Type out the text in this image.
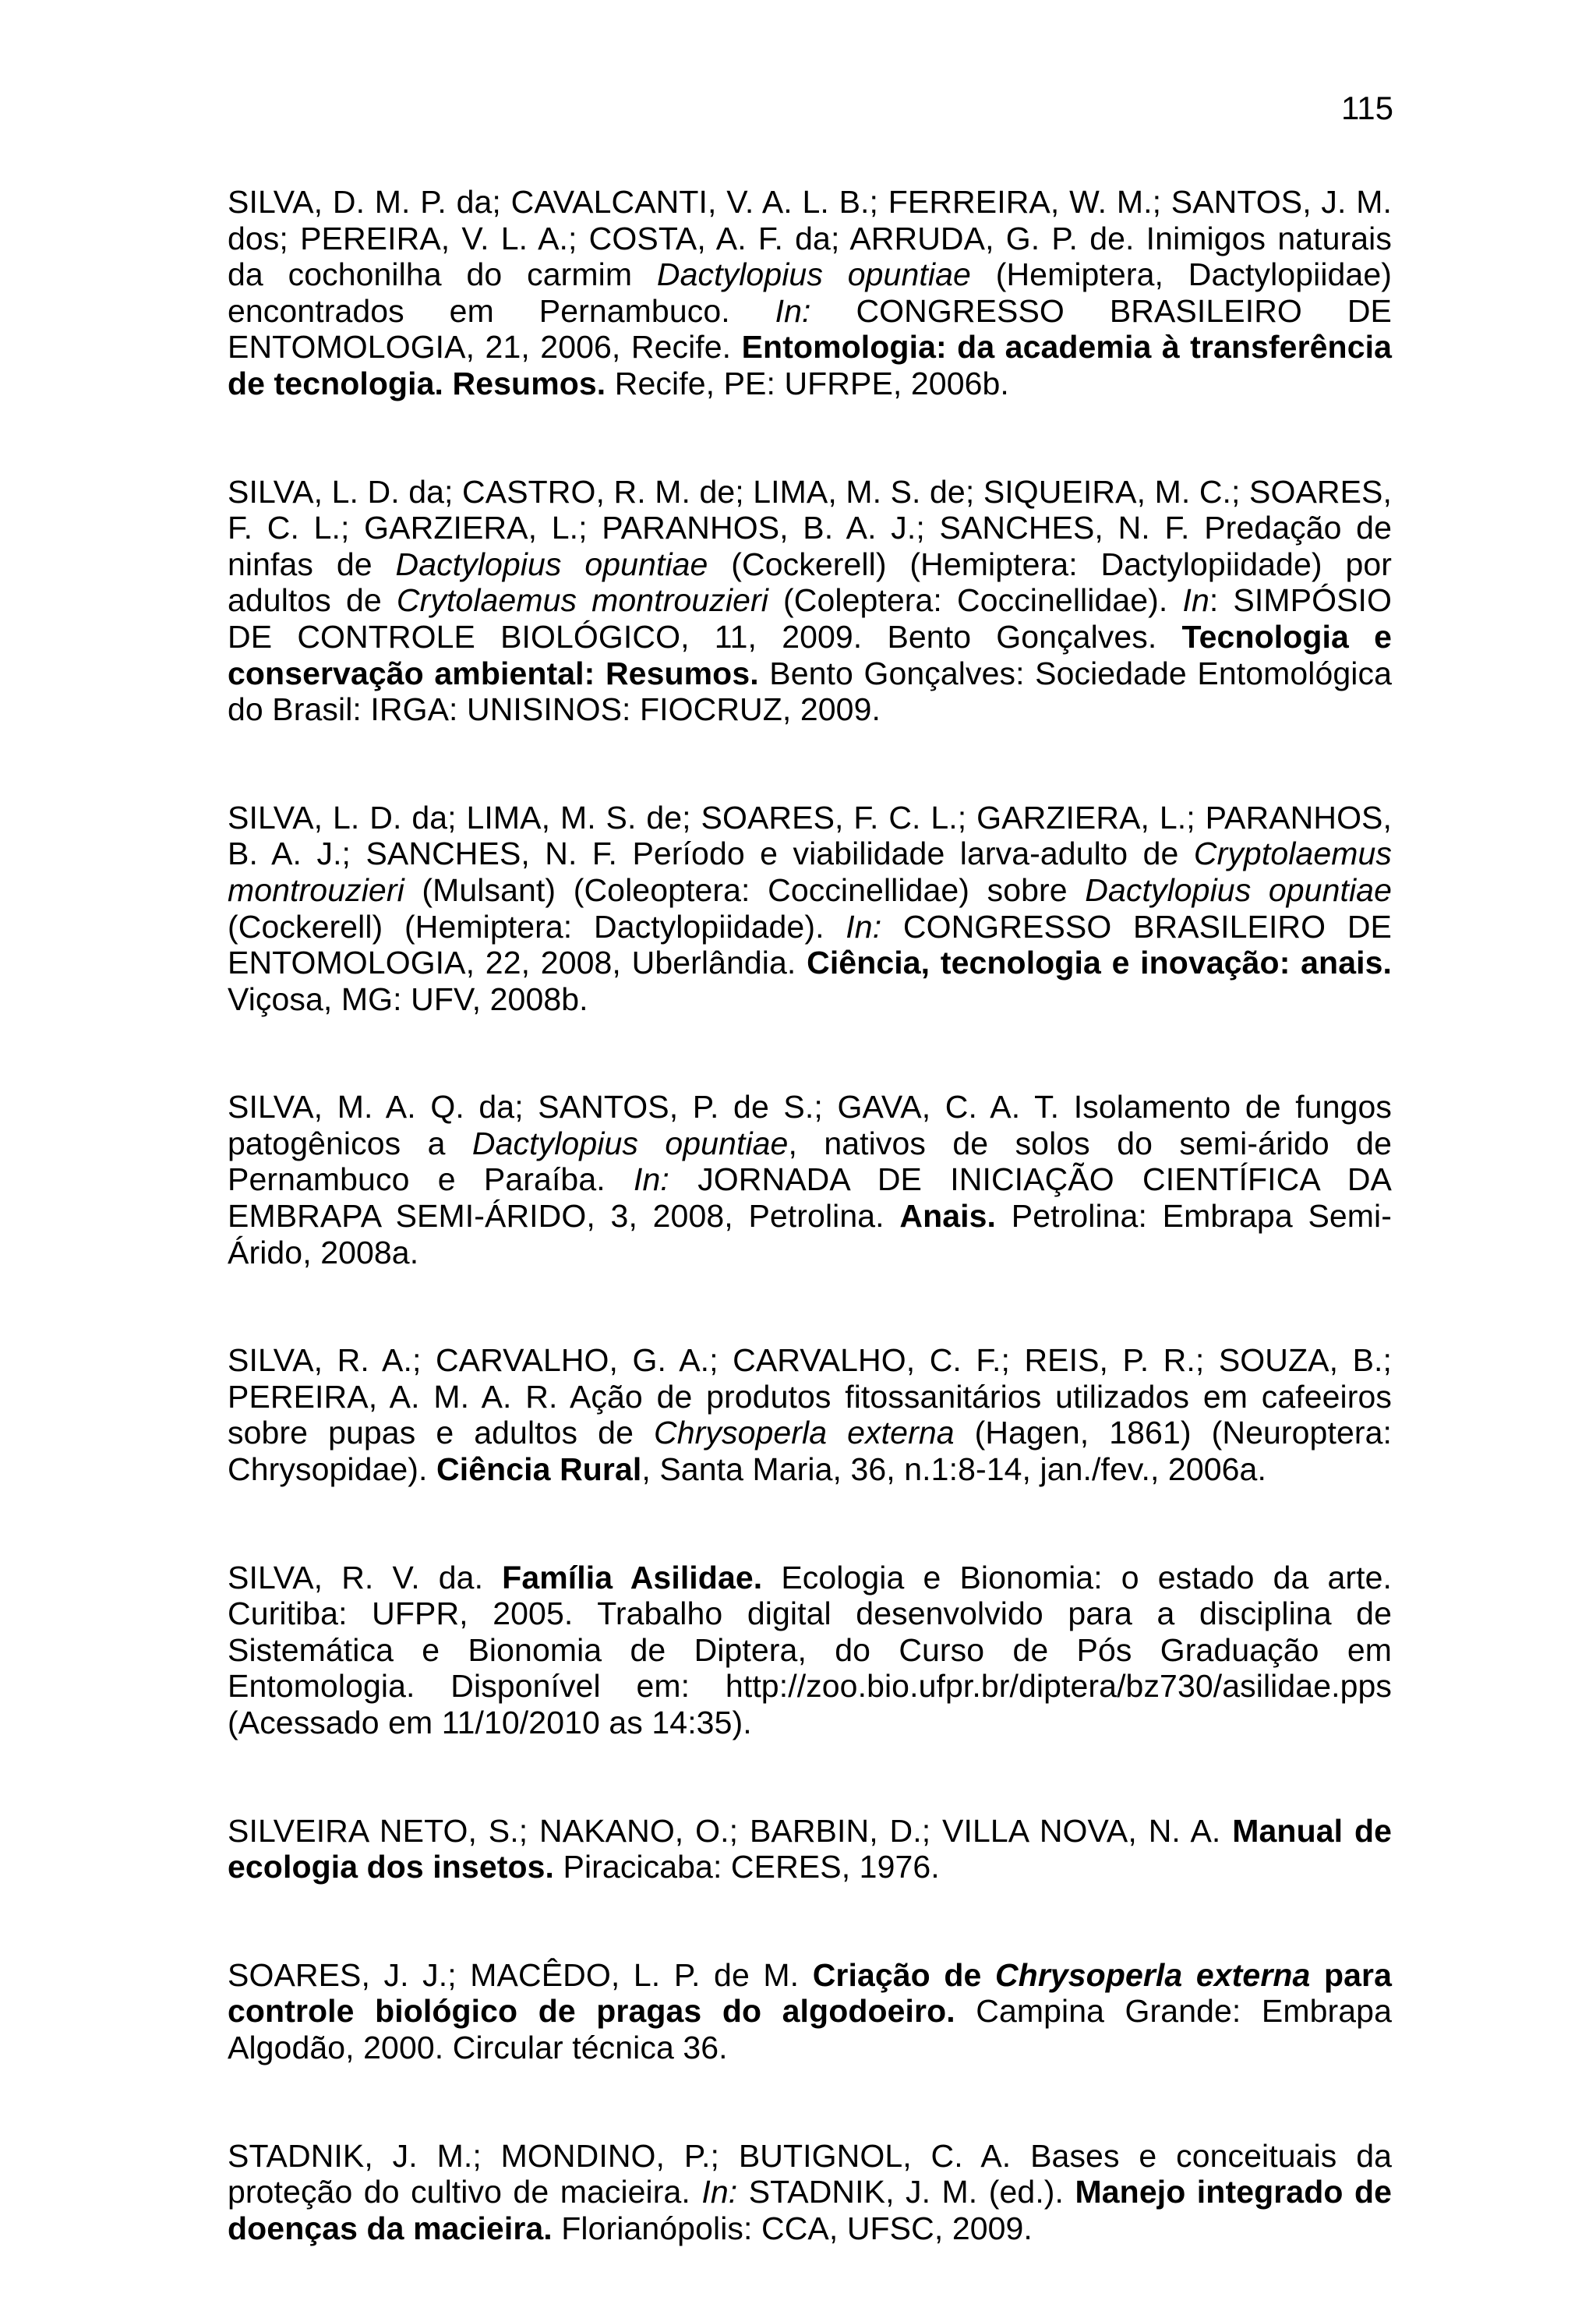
115

SILVA, D. M. P. da; CAVALCANTI, V. A. L. B.; FERREIRA, W. M.; SANTOS, J. M. dos; PEREIRA, V. L. A.; COSTA, A. F. da; ARRUDA, G. P. de. Inimigos naturais da cochonilha do carmim Dactylopius opuntiae (Hemiptera, Dactylopiidae) encontrados em Pernambuco. In: CONGRESSO BRASILEIRO DE ENTOMOLOGIA, 21, 2006, Recife. Entomologia: da academia à transferência de tecnologia. Resumos. Recife, PE: UFRPE, 2006b.

SILVA, L. D. da; CASTRO, R. M. de; LIMA, M. S. de; SIQUEIRA, M. C.; SOARES, F. C. L.; GARZIERA, L.; PARANHOS, B. A. J.; SANCHES, N. F. Predação de ninfas de Dactylopius opuntiae (Cockerell) (Hemiptera: Dactylopiidade) por adultos de Crytolaemus montrouzieri (Coleptera: Coccinellidae). In: SIMPÓSIO DE CONTROLE BIOLÓGICO, 11, 2009. Bento Gonçalves. Tecnologia e conservação ambiental: Resumos. Bento Gonçalves: Sociedade Entomológica do Brasil: IRGA: UNISINOS: FIOCRUZ, 2009.

SILVA, L. D. da; LIMA, M. S. de; SOARES, F. C. L.; GARZIERA, L.; PARANHOS, B. A. J.; SANCHES, N. F. Período e viabilidade larva-adulto de Cryptolaemus montrouzieri (Mulsant) (Coleoptera: Coccinellidae) sobre Dactylopius opuntiae (Cockerell) (Hemiptera: Dactylopiidade). In: CONGRESSO BRASILEIRO DE ENTOMOLOGIA, 22, 2008, Uberlândia. Ciência, tecnologia e inovação: anais. Viçosa, MG: UFV, 2008b.

SILVA, M. A. Q. da; SANTOS, P. de S.; GAVA, C. A. T. Isolamento de fungos patogênicos a Dactylopius opuntiae, nativos de solos do semi-árido de Pernambuco e Paraíba. In: JORNADA DE INICIAÇÃO CIENTÍFICA DA EMBRAPA SEMI-ÁRIDO, 3, 2008, Petrolina. Anais. Petrolina: Embrapa Semi-Árido, 2008a.

SILVA, R. A.; CARVALHO, G. A.; CARVALHO, C. F.; REIS, P. R.; SOUZA, B.; PEREIRA, A. M. A. R. Ação de produtos fitossanitários utilizados em cafeeiros sobre pupas e adultos de Chrysoperla externa (Hagen, 1861) (Neuroptera: Chrysopidae). Ciência Rural, Santa Maria, 36, n.1:8-14, jan./fev., 2006a.

SILVA, R. V. da. Família Asilidae. Ecologia e Bionomia: o estado da arte. Curitiba: UFPR, 2005. Trabalho digital desenvolvido para a disciplina de Sistemática e Bionomia de Diptera, do Curso de Pós Graduação em Entomologia. Disponível em: http://zoo.bio.ufpr.br/diptera/bz730/asilidae.pps (Acessado em 11/10/2010 as 14:35).

SILVEIRA NETO, S.; NAKANO, O.; BARBIN, D.; VILLA NOVA, N. A. Manual de ecologia dos insetos. Piracicaba: CERES, 1976.

SOARES, J. J.; MACÊDO, L. P. de M. Criação de Chrysoperla externa para controle biológico de pragas do algodoeiro. Campina Grande: Embrapa Algodão, 2000. Circular técnica 36.

STADNIK, J. M.; MONDINO, P.; BUTIGNOL, C. A. Bases e conceituais da proteção do cultivo de macieira. In: STADNIK, J. M. (ed.). Manejo integrado de doenças da macieira. Florianópolis: CCA, UFSC, 2009.
